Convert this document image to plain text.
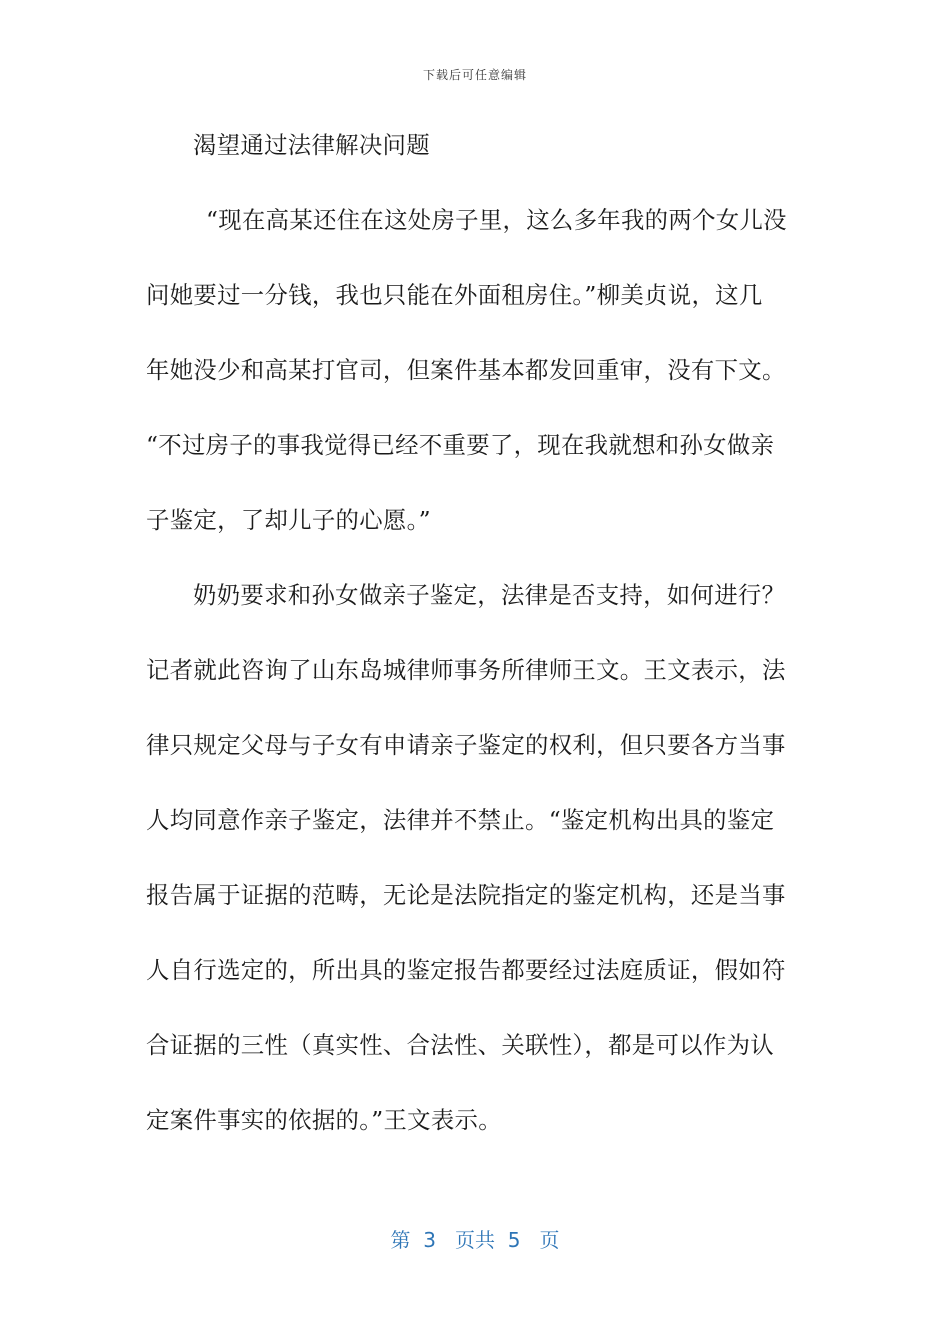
下载后可任意编辑
渴望通过法律解决问题
“现在高某还住在这处房子里，这么多年我的两个女儿没
问她要过一分钱，我也只能在外面租房住。”柳美贞说，这几
年她没少和高某打官司，但案件基本都发回重审，没有下文。
“不过房子的事我觉得已经不重要了，现在我就想和孙女做亲
子鉴定，了却儿子的心愿。”
奶奶要求和孙女做亲子鉴定，法律是否支持，如何进行？
记者就此咨询了山东岛城律师事务所律师王文。王文表示，法
律只规定父母与子女有申请亲子鉴定的权利，但只要各方当事
人均同意作亲子鉴定，法律并不禁止。“鉴定机构出具的鉴定
报告属于证据的范畴，无论是法院指定的鉴定机构，还是当事
人自行选定的，所出具的鉴定报告都要经过法庭质证，假如符
合证据的三性（真实性、合法性、关联性），都是可以作为认
定案件事实的依据的。”王文表示。
第 3 页共 5 页
